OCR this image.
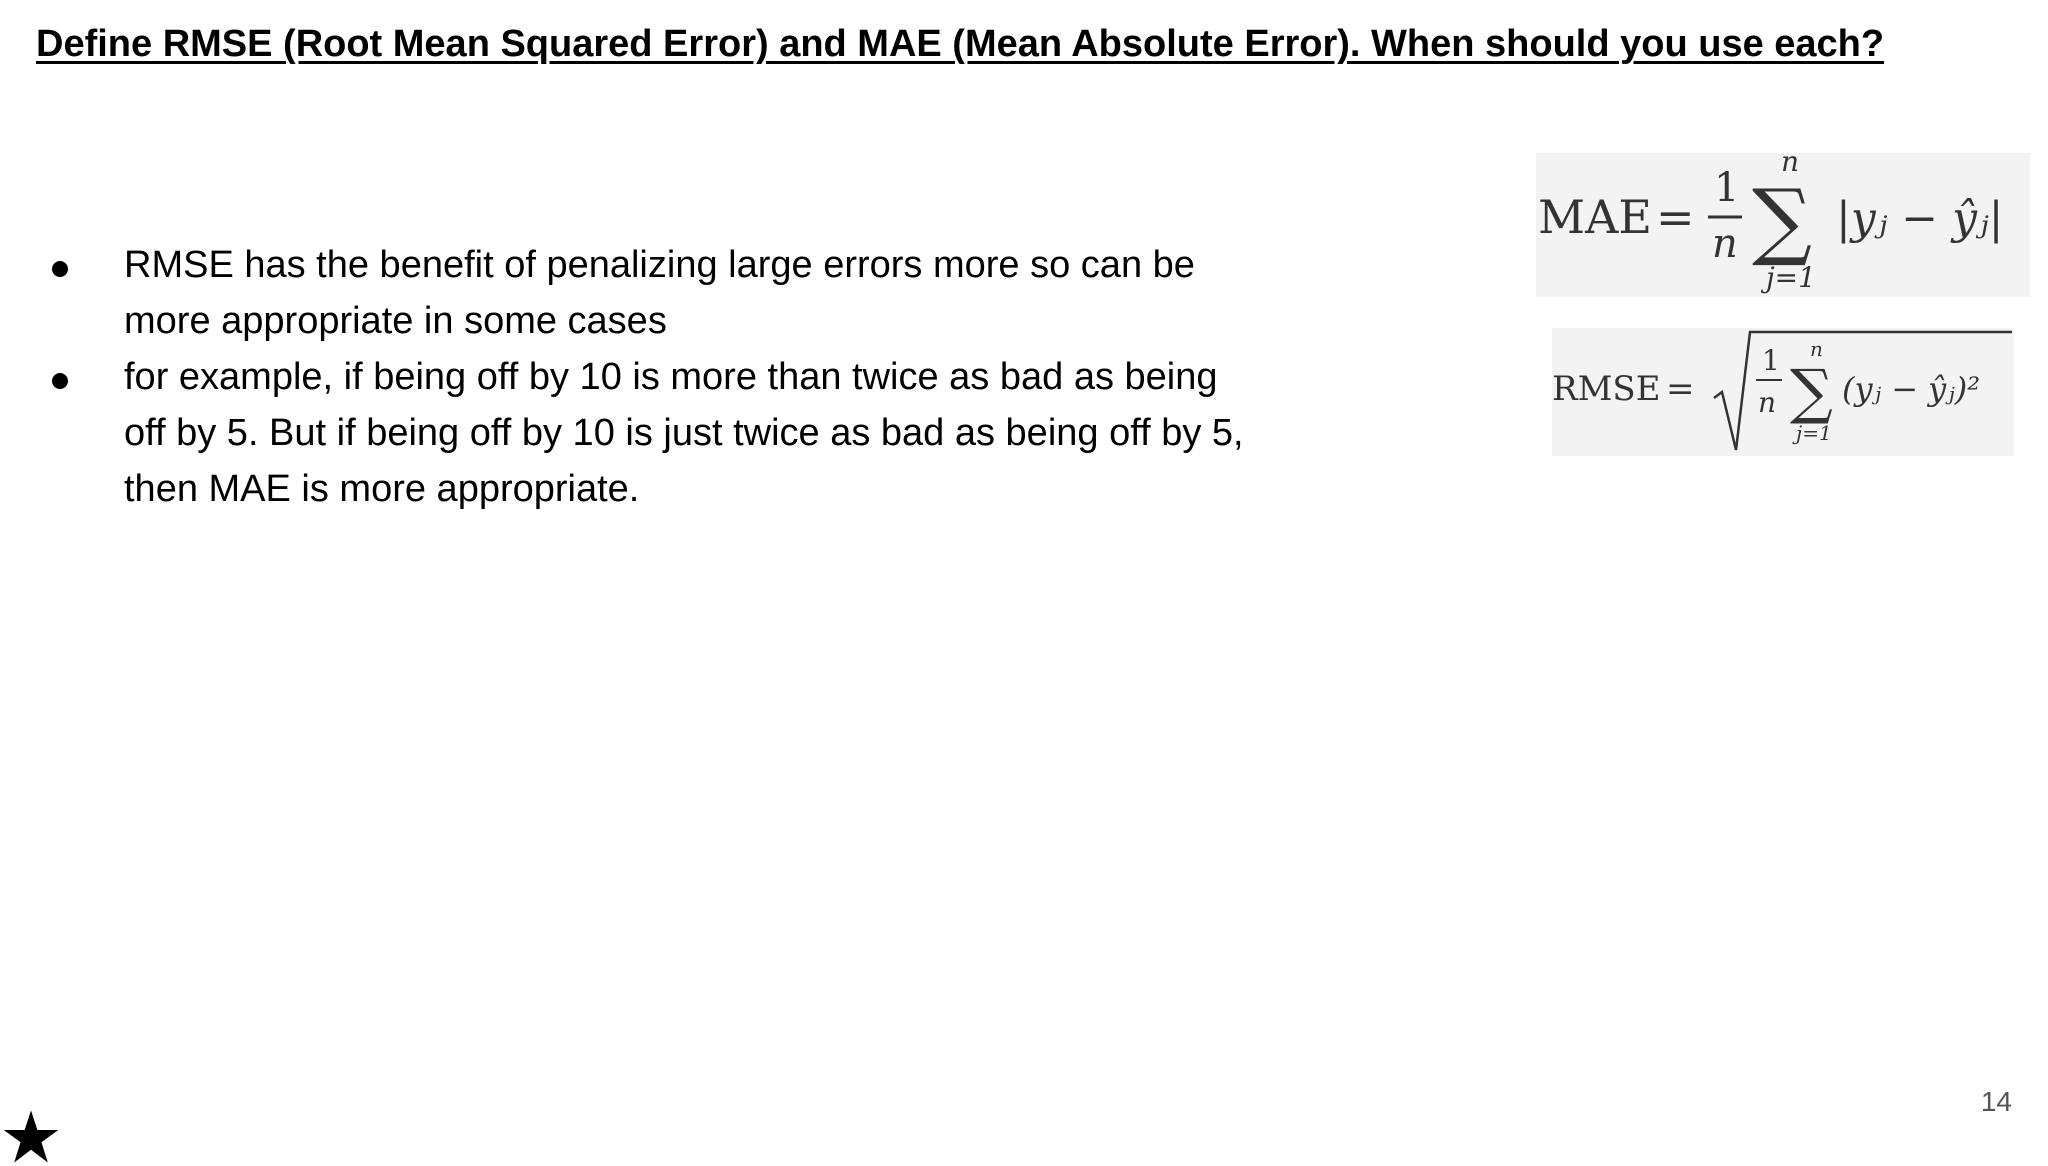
Define RMSE (Root Mean Squared Error) and MAE (Mean Absolute Error). When should you use each?
RMSE has the benefit of penalizing large errors more so can be more appropriate in some cases
for example, if being off by 10 is more than twice as bad as being off by 5. But if being off by 10 is just twice as bad as being off by 5, then MAE is more appropriate.
MAE =
1
n
n
∑
j=1
|yⱼ − ŷⱼ|
RMSE =
1
n
n
∑
j=1
(yⱼ − ŷⱼ)²
14
